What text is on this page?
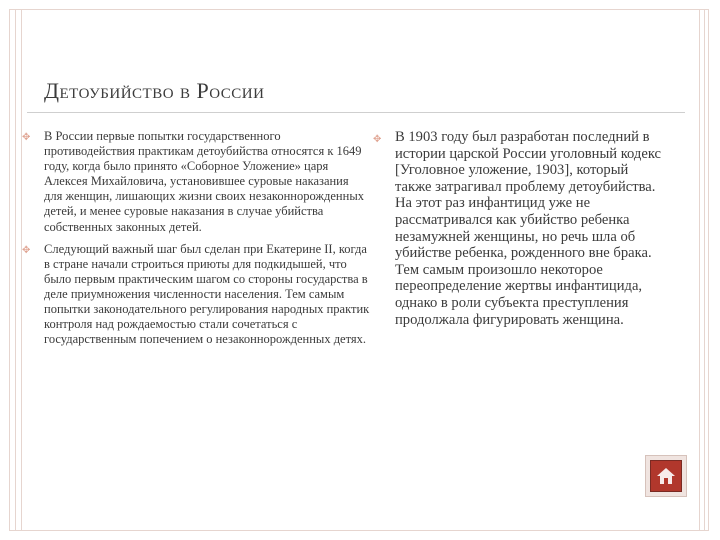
Детоубийство в России
✥ В России первые попытки государственного противодействия практикам детоубийства относятся к 1649 году, когда было принято «Соборное Уложение» царя Алексея Михайловича, установившее суровые наказания для женщин, лишающих жизни своих незаконнорожденных детей, и менее суровые наказания в случае убийства собственных законных детей.

✥ Следующий важный шаг был сделан при Екатерине II, когда в стране начали строиться приюты для подкидышей, что было первым практическим шагом со стороны государства в деле приумножения численности населения. Тем самым попытки законодательного регулирования народных практик контроля над рождаемостью стали сочетаться с государственным попечением о незаконнорожденных детях.

✥ В 1903 году был разработан последний в истории царской России уголовный кодекс [Уголовное уложение, 1903], который также затрагивал проблему детоубийства. На этот раз инфантицид уже не рассматривался как убийство ребенка незамужней женщины, но речь шла об убийстве ребенка, рожденного вне брака. Тем самым произошло некоторое переопределение жертвы инфантицида, однако в роли субъекта преступления продолжала фигурировать женщина.
